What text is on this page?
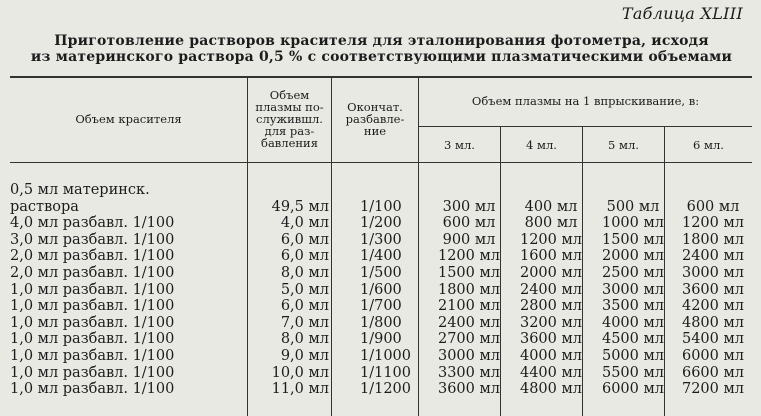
Таблица XLIII
Приготовление растворов красителя для эталонирования фотометра, исходя
из материнского раствора 0,5 % с соответствующими плазматическими объемами
Объем красителя
Объем
плазмы по-
служившл.
для раз-
бавления
Окончат.
разбавле-
ние
Объем плазмы на 1 впрыскивание, в:
3 мл.	4 мл.	5 мл.	6 мл.
0,5 мл материнск.
раствора	49,5 мл 1/100	300 мл	400 мл	500 мл	600 мл
4,0 мл разбавл. 1/100	4,0 мл 1/200	600 мл	800 мл	1000 мл	1200 мл
3,0 мл разбавл. 1/100	6,0 мл 1/300	900 мл	1200 мл	1500 мл	1800 мл
2,0 мл разбавл. 1/100	6,0 мл 1/400	1200 мл	1600 мл	2000 мл	2400 мл
2,0 мл разбавл. 1/100	8,0 мл 1/500	1500 мл	2000 мл	2500 мл	3000 мл
1,0 мл разбавл. 1/100	5,0 мл 1/600	1800 мл	2400 мл	3000 мл	3600 мл
1,0 мл разбавл. 1/100	6,0 мл 1/700	2100 мл	2800 мл	3500 мл	4200 мл
1,0 мл разбавл. 1/100	7,0 мл 1/800	2400 мл	3200 мл	4000 мл	4800 мл
1,0 мл разбавл. 1/100	8,0 мл 1/900	2700 мл	3600 мл	4500 мл	5400 мл
1,0 мл разбавл. 1/100	9,0 мл 1/1000	3000 мл	4000 мл	5000 мл	6000 мл
1,0 мл разбавл. 1/100	10,0 мл 1/1100	3300 мл	4400 мл	5500 мл	6600 мл
1,0 мл разбавл. 1/100	11,0 мл 1/1200	3600 мл	4800 мл	6000 мл	7200 мл
